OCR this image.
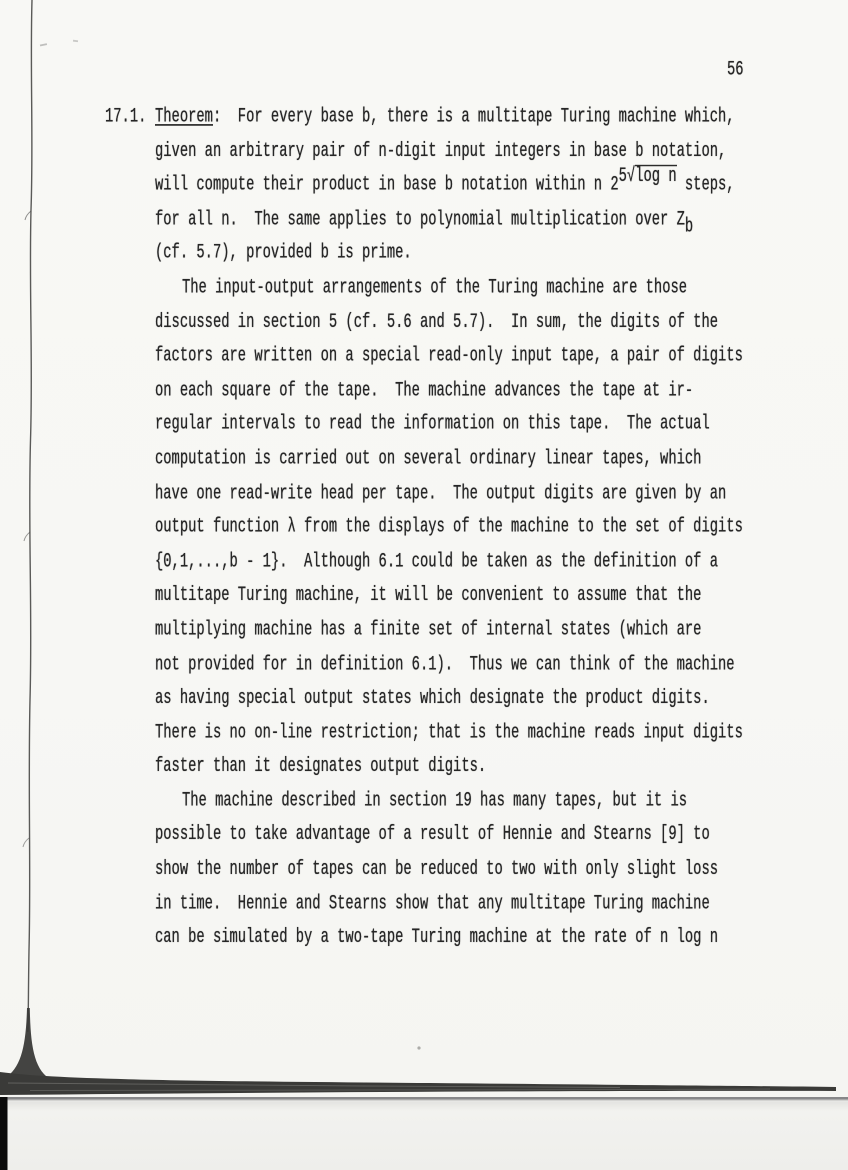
56
17.1. Theorem:  For every base b, there is a multitape Turing machine which,
given an arbitrary pair of n-digit input integers in base b notation,
will compute their product in base b notation within n 25√log n steps,
for all n.  The same applies to polynomial multiplication over Zb
(cf. 5.7), provided b is prime.
The input-output arrangements of the Turing machine are those
discussed in section 5 (cf. 5.6 and 5.7).  In sum, the digits of the
factors are written on a special read-only input tape, a pair of digits
on each square of the tape.  The machine advances the tape at ir-
regular intervals to read the information on this tape.  The actual
computation is carried out on several ordinary linear tapes, which
have one read-write head per tape.  The output digits are given by an
output function λ from the displays of the machine to the set of digits
{0,1,...,b - 1}.  Although 6.1 could be taken as the definition of a
multitape Turing machine, it will be convenient to assume that the
multiplying machine has a finite set of internal states (which are
not provided for in definition 6.1).  Thus we can think of the machine
as having special output states which designate the product digits.
There is no on-line restriction; that is the machine reads input digits
faster than it designates output digits.
The machine described in section 19 has many tapes, but it is
possible to take advantage of a result of Hennie and Stearns [9] to
show the number of tapes can be reduced to two with only slight loss
in time.  Hennie and Stearns show that any multitape Turing machine
can be simulated by a two-tape Turing machine at the rate of n log n
